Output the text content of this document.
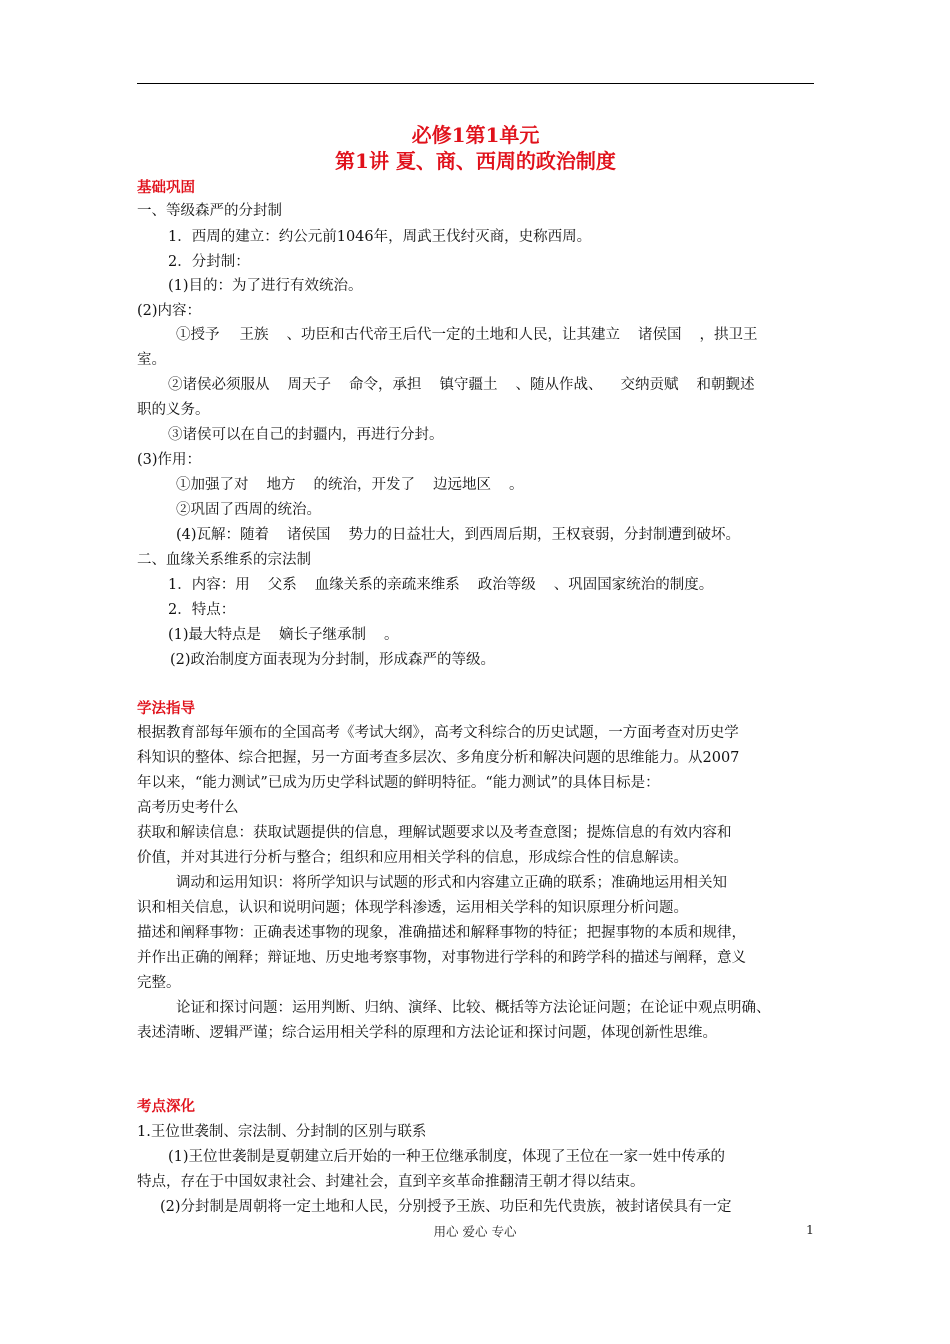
必修1第1单元
第1讲 夏、商、西周的政治制度
基础巩固
一、等级森严的分封制
1．西周的建立：约公元前1046年，周武王伐纣灭商，史称西周。
2．分封制：
(1)目的：为了进行有效统治。
(2)内容：
①授予 王族 、功臣和古代帝王后代一定的土地和人民，让其建立 诸侯国 ，拱卫王
室。
②诸侯必须服从 周天子 命令，承担 镇守疆土 、随从作战、 交纳贡赋 和朝觐述
职的义务。
③诸侯可以在自己的封疆内，再进行分封。
(3)作用：
①加强了对 地方 的统治，开发了 边远地区 。
②巩固了西周的统治。
(4)瓦解：随着 诸侯国 势力的日益壮大，到西周后期，王权衰弱，分封制遭到破坏。
二、血缘关系维系的宗法制
1．内容：用 父系 血缘关系的亲疏来维系 政治等级 、巩固国家统治的制度。
2．特点：
(1)最大特点是 嫡长子继承制 。
(2)政治制度方面表现为分封制，形成森严的等级。
学法指导
根据教育部每年颁布的全国高考《考试大纲》，高考文科综合的历史试题，一方面考查对历史学
科知识的整体、综合把握，另一方面考查多层次、多角度分析和解决问题的思维能力。从2007
年以来，“能力测试”已成为历史学科试题的鲜明特征。“能力测试”的具体目标是：
高考历史考什么
获取和解读信息：获取试题提供的信息，理解试题要求以及考查意图；提炼信息的有效内容和
价值，并对其进行分析与整合；组织和应用相关学科的信息，形成综合性的信息解读。
调动和运用知识：将所学知识与试题的形式和内容建立正确的联系；准确地运用相关知
识和相关信息，认识和说明问题；体现学科渗透，运用相关学科的知识原理分析问题。
描述和阐释事物：正确表述事物的现象，准确描述和解释事物的特征；把握事物的本质和规律，
并作出正确的阐释；辩证地、历史地考察事物，对事物进行学科的和跨学科的描述与阐释，意义
完整。
论证和探讨问题：运用判断、归纳、演绎、比较、概括等方法论证问题；在论证中观点明确、
表述清晰、逻辑严谨；综合运用相关学科的原理和方法论证和探讨问题，体现创新性思维。
考点深化
1.王位世袭制、宗法制、分封制的区别与联系
(1)王位世袭制是夏朝建立后开始的一种王位继承制度，体现了王位在一家一姓中传承的
特点，存在于中国奴隶社会、封建社会，直到辛亥革命推翻清王朝才得以结束。
(2)分封制是周朝将一定土地和人民，分别授予王族、功臣和先代贵族，被封诸侯具有一定
用心 爱心 专心	1
